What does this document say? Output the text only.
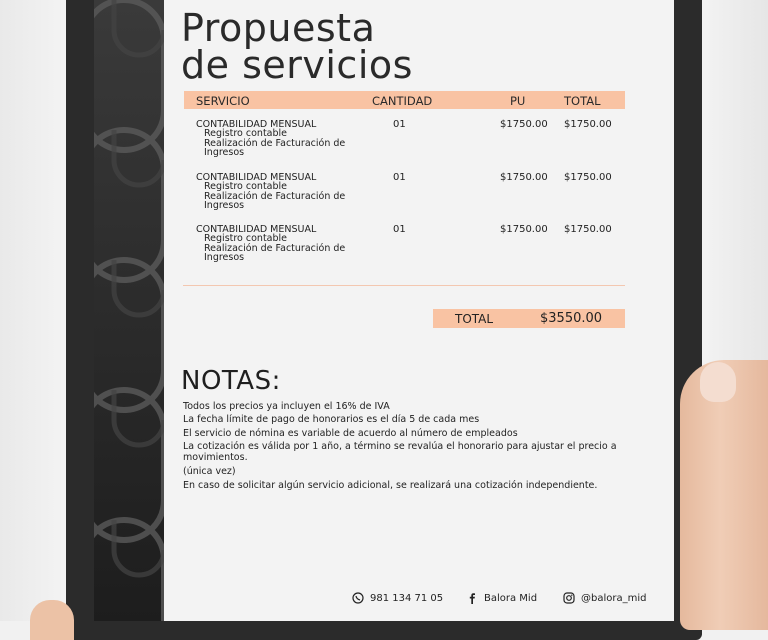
Propuesta
de servicios
SERVICIO	CANTIDAD	PU	TOTAL
CONTABILIDAD MENSUAL
Registro contable
Realización de Facturación de Ingresos
01	$1750.00 $1750.00
CONTABILIDAD MENSUAL
Registro contable
Realización de Facturación de Ingresos
01	$1750.00 $1750.00
CONTABILIDAD MENSUAL
Registro contable
Realización de Facturación de Ingresos
01	$1750.00 $1750.00
TOTAL	$3550.00
NOTAS:
Todos los precios ya incluyen el 16% de IVA
La fecha límite de pago de honorarios es el día 5 de cada mes
El servicio de nómina es variable de acuerdo al número de empleados
La cotización es válida por 1 año, a término se revalúa el honorario para ajustar el precio a movimientos.
(única vez)
En caso de solicitar algún servicio adicional, se realizará una cotización independiente.
981 134 71 05	Balora Mid	@balora_mid
